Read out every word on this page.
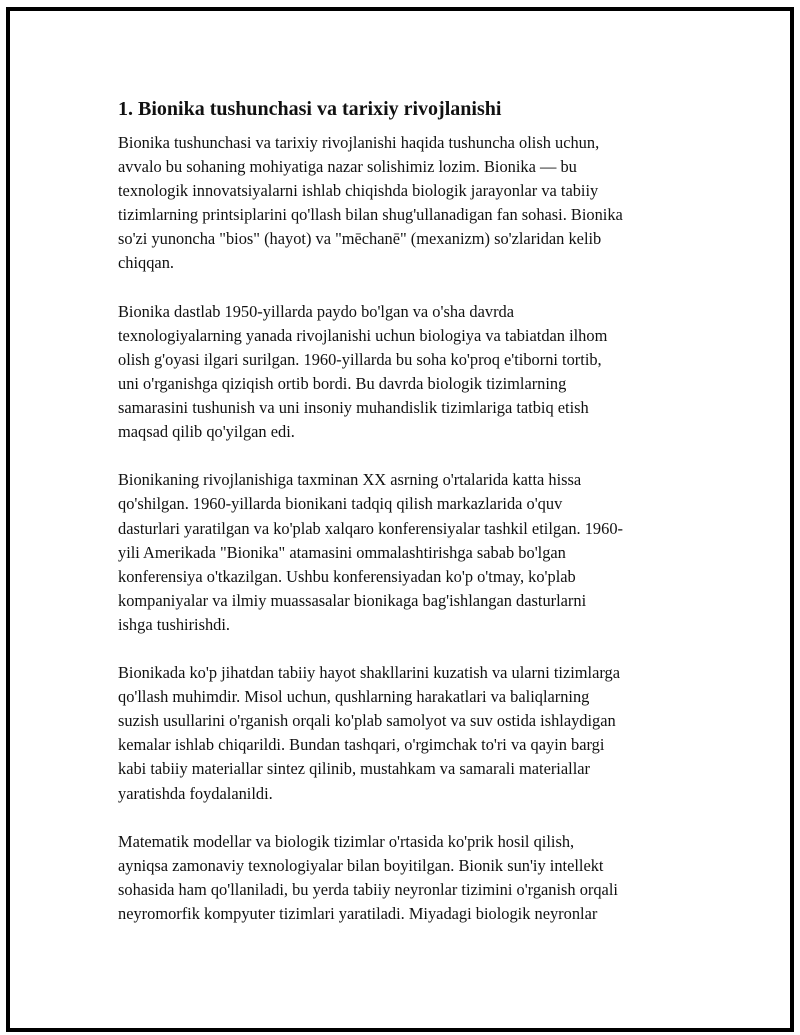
1. Bionika tushunchasi va tarixiy rivojlanishi

Bionika tushunchasi va tarixiy rivojlanishi haqida tushuncha olish uchun,
avvalo bu sohaning mohiyatiga nazar solishimiz lozim. Bionika — bu
texnologik innovatsiyalarni ishlab chiqishda biologik jarayonlar va tabiiy
tizimlarning printsiplarini qo'llash bilan shug'ullanadigan fan sohasi. Bionika
so'zi yunoncha "bios" (hayot) va "mēchanē" (mexanizm) so'zlaridan kelib
chiqqan.

Bionika dastlab 1950-yillarda paydo bo'lgan va o'sha davrda
texnologiyalarning yanada rivojlanishi uchun biologiya va tabiatdan ilhom
olish g'oyasi ilgari surilgan. 1960-yillarda bu soha ko'proq e'tiborni tortib,
uni o'rganishga qiziqish ortib bordi. Bu davrda biologik tizimlarning
samarasini tushunish va uni insoniy muhandislik tizimlariga tatbiq etish
maqsad qilib qo'yilgan edi.

Bionikaning rivojlanishiga taxminan XX asrning o'rtalarida katta hissa
qo'shilgan. 1960-yillarda bionikani tadqiq qilish markazlarida o'quv
dasturlari yaratilgan va ko'plab xalqaro konferensiyalar tashkil etilgan. 1960-
yili Amerikada "Bionika" atamasini ommalashtirishga sabab bo'lgan
konferensiya o'tkazilgan. Ushbu konferensiyadan ko'p o'tmay, ko'plab
kompaniyalar va ilmiy muassasalar bionikaga bag'ishlangan dasturlarni
ishga tushirishdi.

Bionikada ko'p jihatdan tabiiy hayot shakllarini kuzatish va ularni tizimlarga
qo'llash muhimdir. Misol uchun, qushlarning harakatlari va baliqlarning
suzish usullarini o'rganish orqali ko'plab samolyot va suv ostida ishlaydigan
kemalar ishlab chiqarildi. Bundan tashqari, o'rgimchak to'ri va qayin bargi
kabi tabiiy materiallar sintez qilinib, mustahkam va samarali materiallar
yaratishda foydalanildi.

Matematik modellar va biologik tizimlar o'rtasida ko'prik hosil qilish,
ayniqsa zamonaviy texnologiyalar bilan boyitilgan. Bionik sun'iy intellekt
sohasida ham qo'llaniladi, bu yerda tabiiy neyronlar tizimini o'rganish orqali
neyromorfik kompyuter tizimlari yaratiladi. Miyadagi biologik neyronlar
